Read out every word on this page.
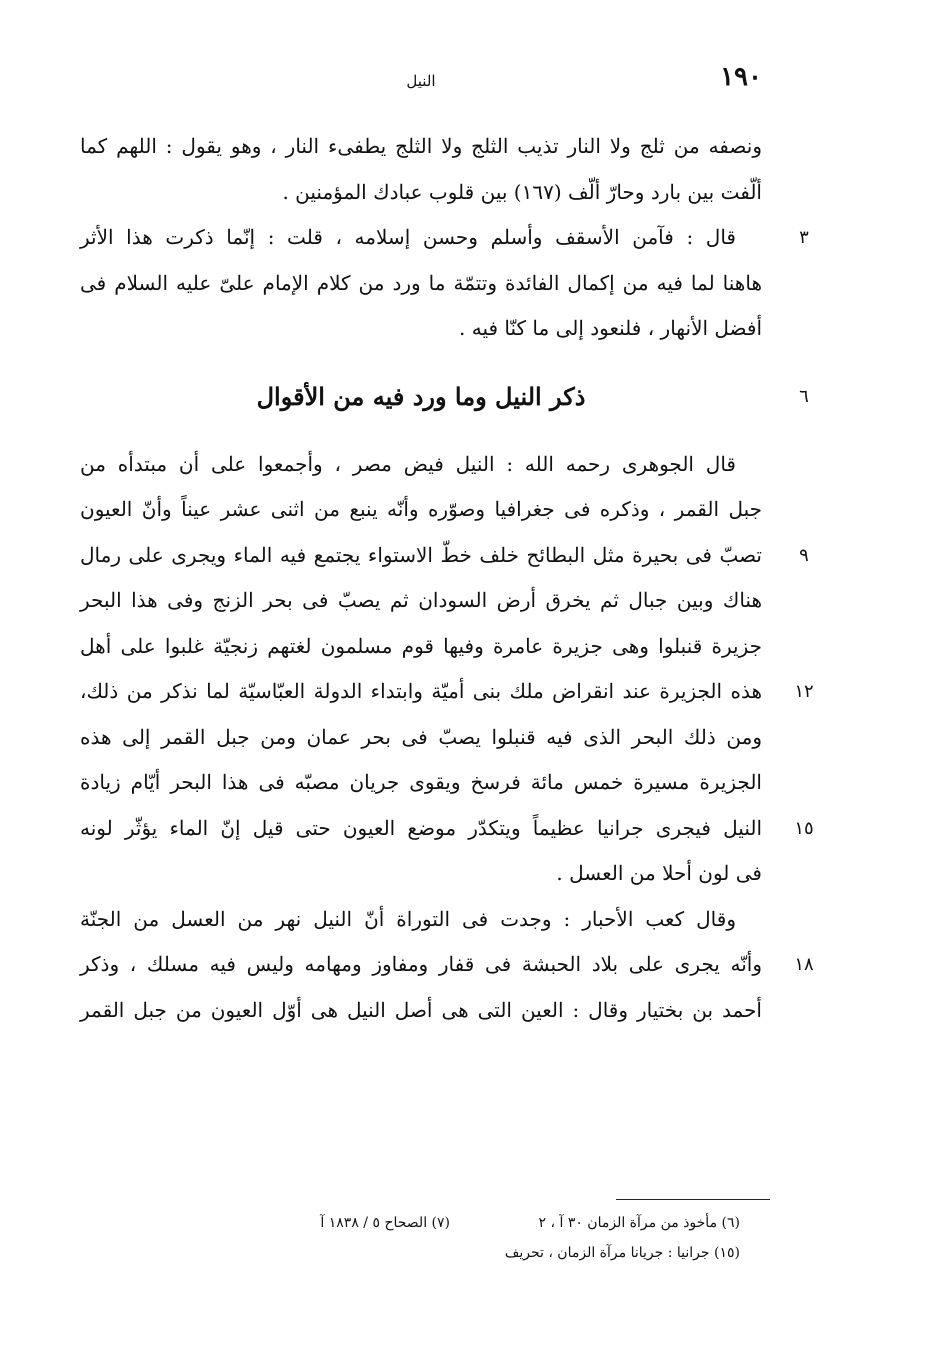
١٩٠
النيل
ونصفه من ثلج ولا النار تذيب الثلج ولا الثلج يطفىء النار ، وهو يقول : اللهم كما
ألّفت بين بارد وحارّ ألّف (١٦٧) بين قلوب عبادك المؤمنين .
قال : فآمن الأسقف وأسلم وحسن إسلامه ، قلت : إنّما ذكرت هذا الأثر	٣
هاهنا لما فيه من إكمال الفائدة وتتمّة ما ورد من كلام الإمام علىّ عليه السلام فى
أفضل الأنهار ، فلنعود إلى ما كنّا فيه .
ذكر النيل وما ورد فيه من الأقوال	٦
قال الجوهرى رحمه الله : النيل فيض مصر ، وأجمعوا على أن مبتدأه من
جبل القمر ، وذكره فى جغرافيا وصوّره وأنّه ينبع من اثنى عشر عيناً وأنّ العيون
تصبّ فى بحيرة مثل البطائح خلف خطّ الاستواء يجتمع فيه الماء ويجرى على رمال	٩
هناك وبين جبال ثم يخرق أرض السودان ثم يصبّ فى بحر الزنج وفى هذا البحر
جزيرة قنبلوا وهى جزيرة عامرة وفيها قوم مسلمون لغتهم زنجيّة غلبوا على أهل
هذه الجزيرة عند انقراض ملك بنى أميّة وابتداء الدولة العبّاسيّة لما نذكر من ذلك،	١٢
ومن ذلك البحر الذى فيه قنبلوا يصبّ فى بحر عمان ومن جبل القمر إلى هذه
الجزيرة مسيرة خمس مائة فرسخ ويقوى جريان مصبّه فى هذا البحر أيّام زيادة
النيل فيجرى جرانيا عظيماً ويتكدّر موضع العيون حتى قيل إنّ الماء يؤثّر لونه	١٥
فى لون أحلا من العسل .
وقال كعب الأحبار : وجدت فى التوراة أنّ النيل نهر من العسل من الجنّة
وأنّه يجرى على بلاد الحبشة فى قفار ومفاوز ومهامه وليس فيه مسلك ، وذكر	١٨
أحمد بن بختيار وقال : العين التى هى أصل النيل هى أوّل العيون من جبل القمر
(٦) مأخوذ من مرآة الزمان ٣٠ آ ، ٢
(٧) الصحاح ٥ / ١٨٣٨ آ
(١٥) جرانيا : جريانا مرآة الزمان ، تحريف
